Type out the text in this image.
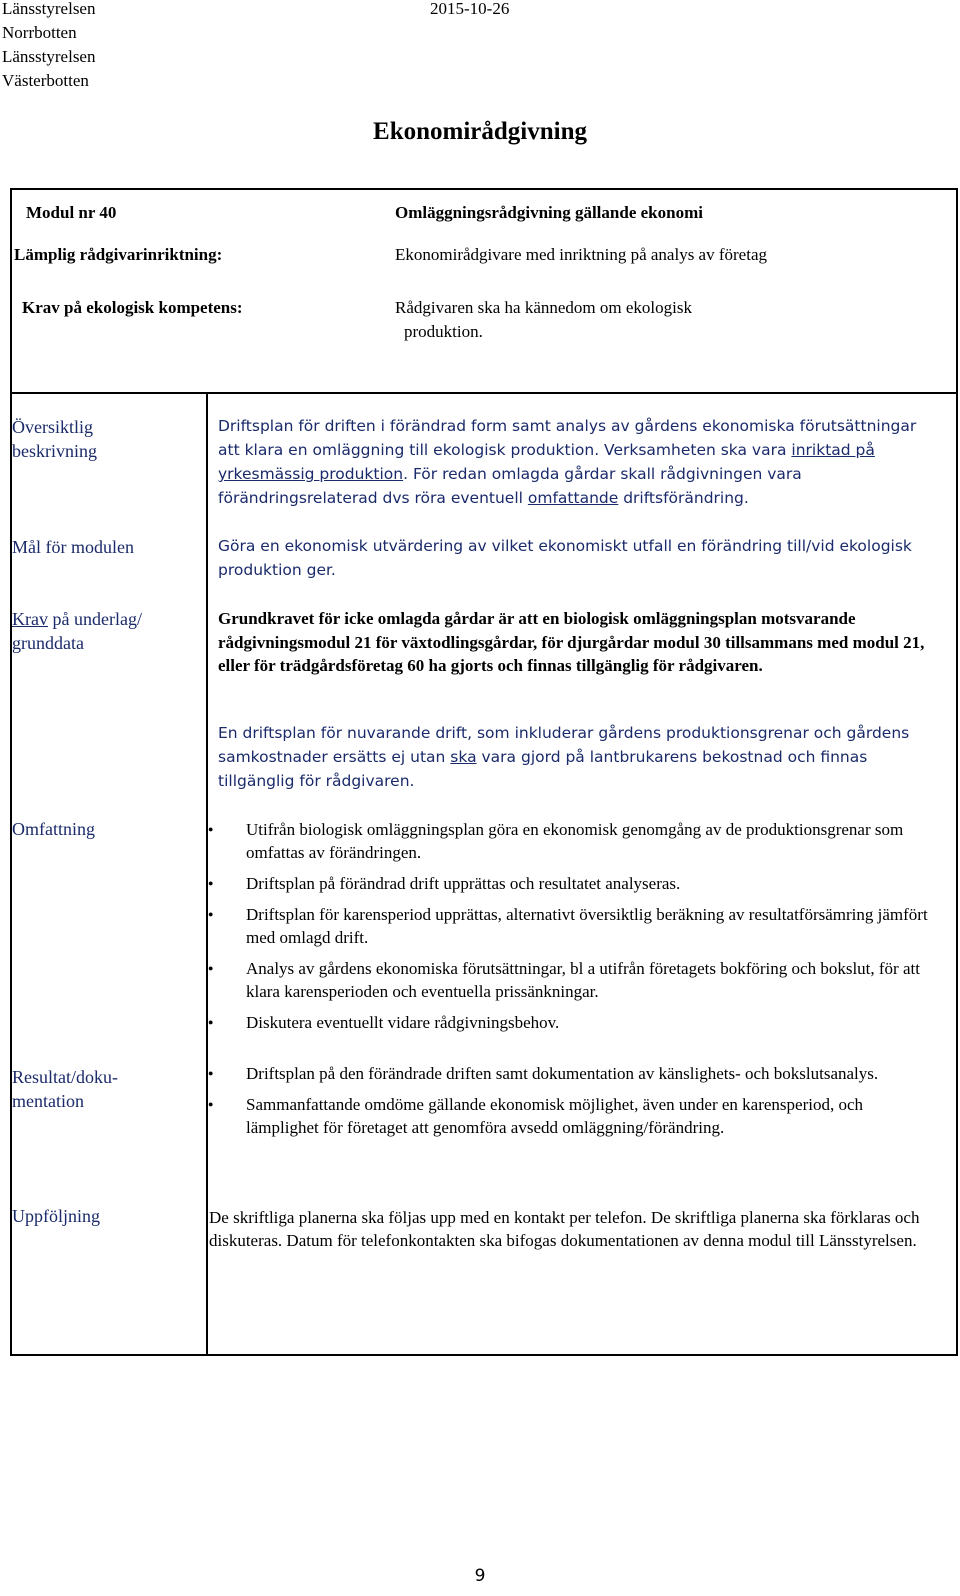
Länsstyrelsen
Norrbotten
Länsstyrelsen
Västerbotten
2015-10-26
Ekonomirådgivning
Modul nr 40	Omläggningsrådgivning gällande ekonomi
Lämplig rådgivarinriktning:	Ekonomirådgivare med inriktning på analys av företag
Krav på ekologisk kompetens:	Rådgivaren ska ha kännedom om ekologisk
produktion.
Översiktlig
beskrivning
Driftsplan för driften i förändrad form samt analys av gårdens ekonomiska förutsättningar att klara en omläggning till ekologisk produktion. Verksamheten ska vara inriktad på yrkesmässig produktion. För redan omlagda gårdar skall rådgivningen vara förändringsrelaterad dvs röra eventuell omfattande driftsförändring.
Mål för modulen	Göra en ekonomisk utvärdering av vilket ekonomiskt utfall en förändring till/vid ekologisk produktion ger.
Krav på underlag/
grunddata
Grundkravet för icke omlagda gårdar är att en biologisk omläggningsplan motsvarande rådgivningsmodul 21 för växtodlingsgårdar, för djurgårdar modul 30 tillsammans med modul 21, eller för trädgårdsföretag 60 ha gjorts och finnas tillgänglig för rådgivaren.
En driftsplan för nuvarande drift, som inkluderar gårdens produktionsgrenar och gårdens samkostnader ersätts ej utan ska vara gjord på lantbrukarens bekostnad och finnas tillgänglig för rådgivaren.
Omfattning
●	Utifrån biologisk omläggningsplan göra en ekonomisk genomgång av de produktionsgrenar som omfattas av förändringen.
● Driftsplan på förändrad drift upprättas och resultatet analyseras.
● Driftsplan för karensperiod upprättas, alternativt översiktlig beräkning av resultatförsämring jämfört med omlagd drift.
● Analys av gårdens ekonomiska förutsättningar, bl a utifrån företagets bokföring och bokslut, för att klara karensperioden och eventuella prissänkningar.
● Diskutera eventuellt vidare rådgivningsbehov.
Resultat/doku-
mentation
● Driftsplan på den förändrade driften samt dokumentation av känslighets- och bokslutsanalys.
● Sammanfattande omdöme gällande ekonomisk möjlighet, även under en karensperiod, och lämplighet för företaget att genomföra avsedd omläggning/förändring.
Uppföljning	De skriftliga planerna ska följas upp med en kontakt per telefon. De skriftliga planerna ska förklaras och diskuteras. Datum för telefonkontakten ska bifogas dokumentationen av denna modul till Länsstyrelsen.
9
